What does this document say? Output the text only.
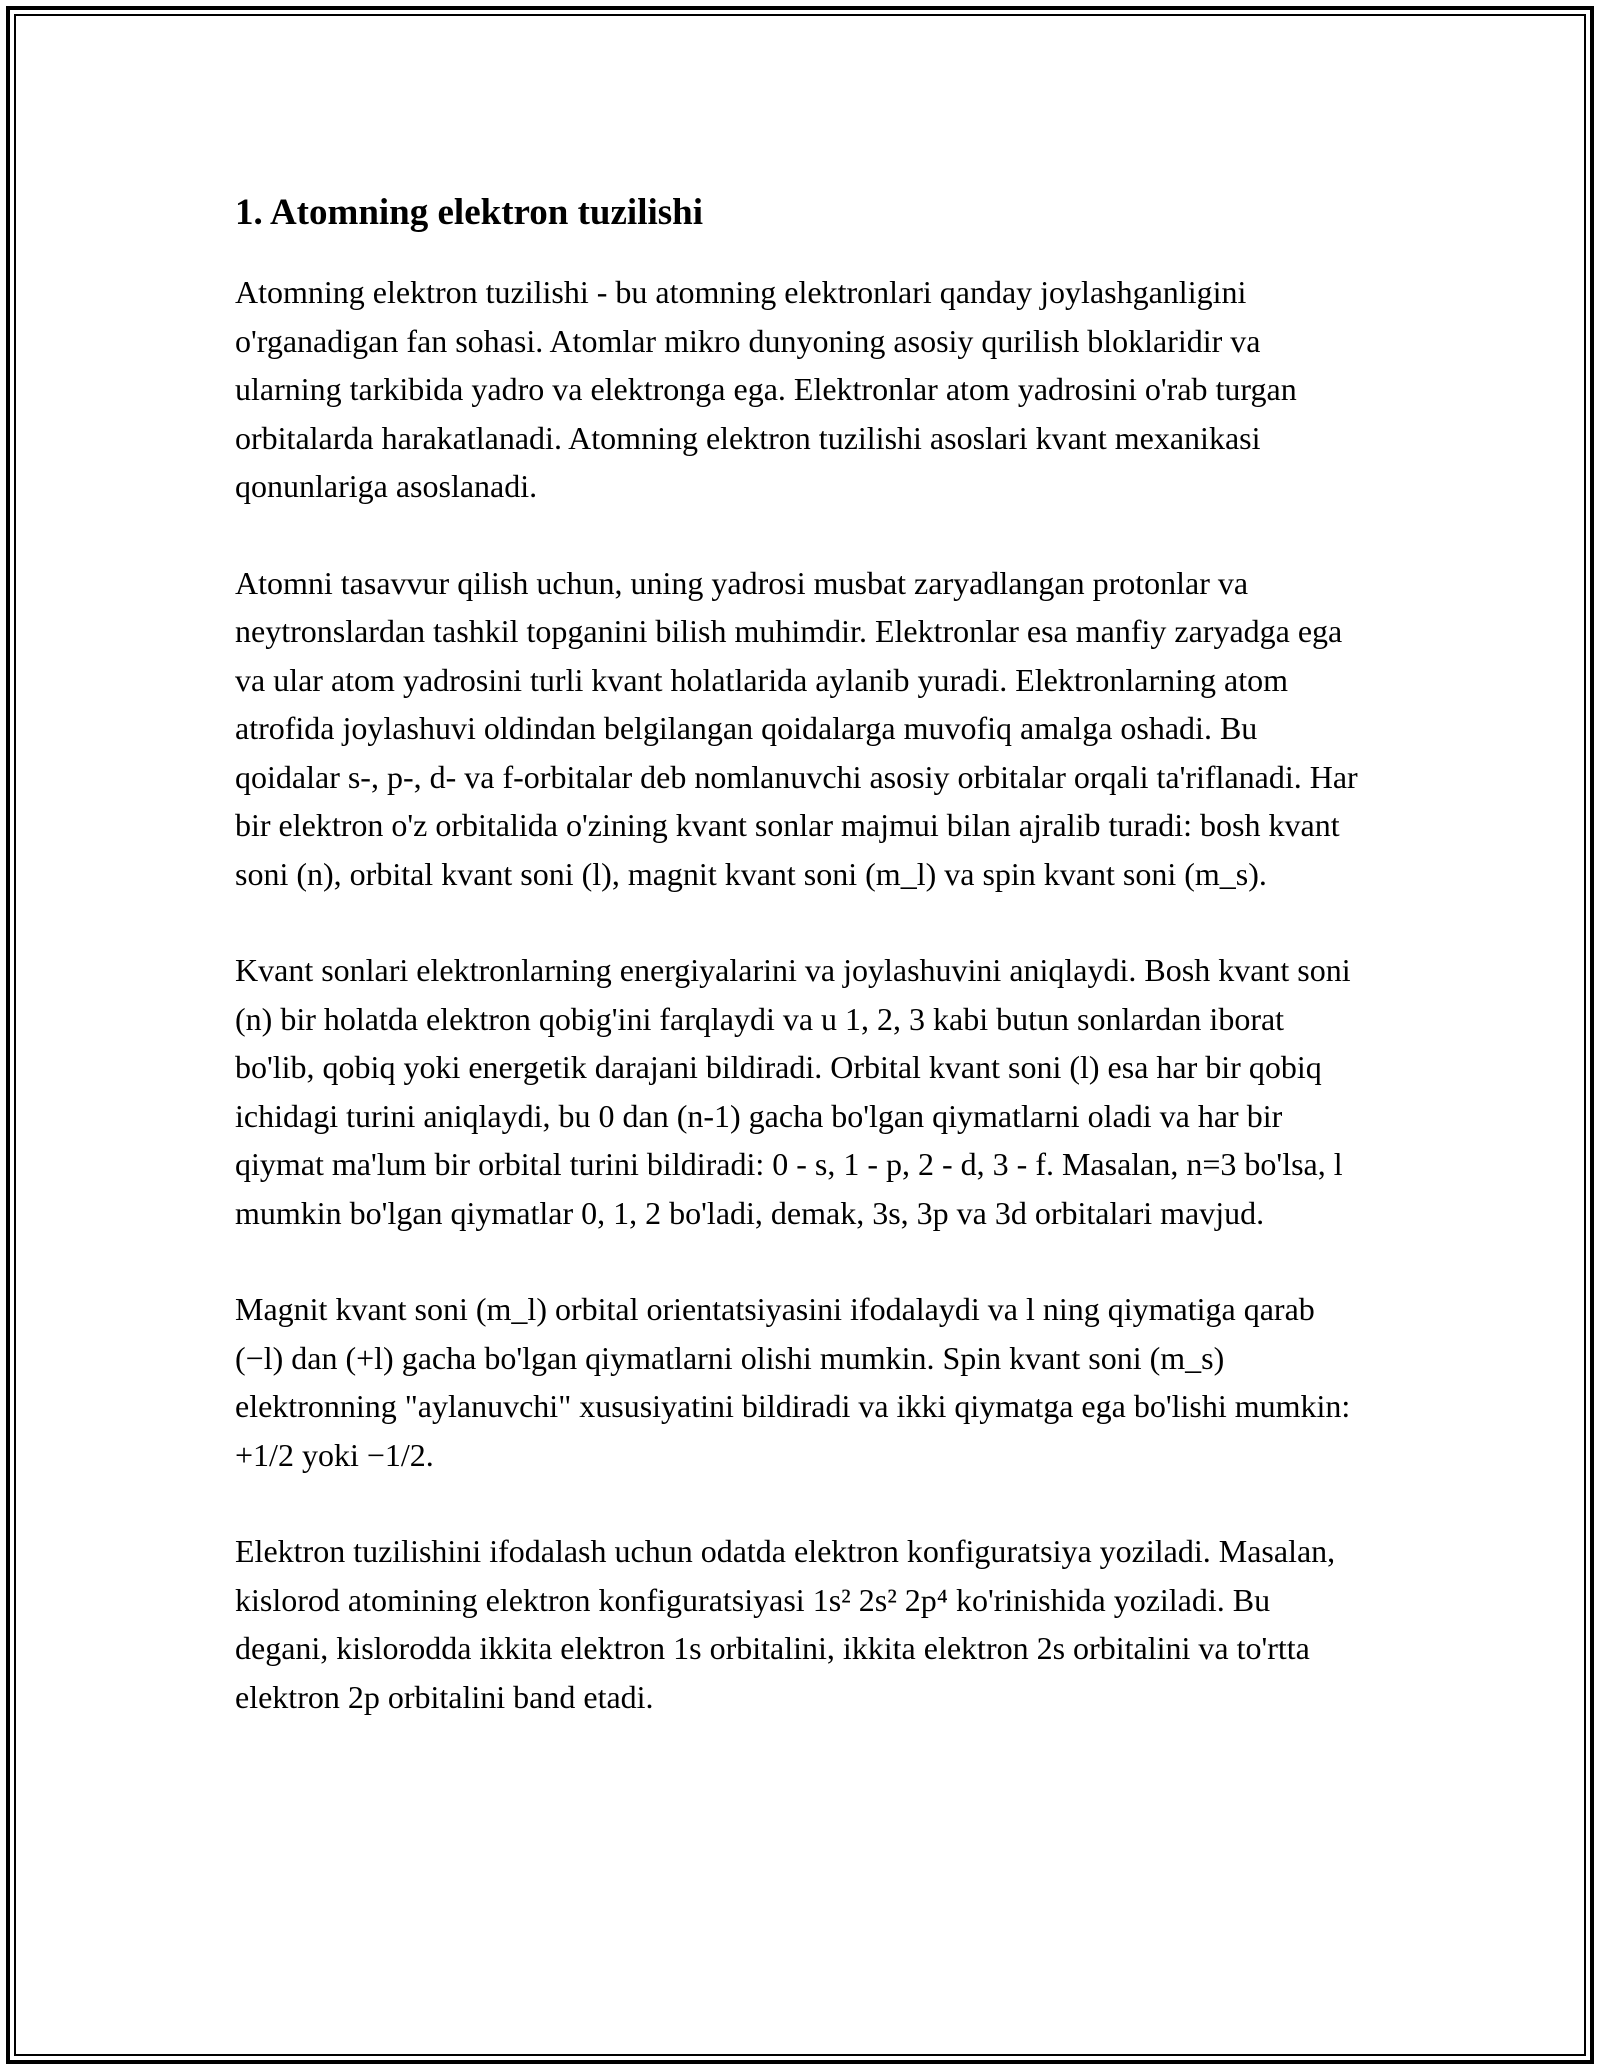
1. Atomning elektron tuzilishi

Atomning elektron tuzilishi - bu atomning elektronlari qanday joylashganligini o'rganadigan fan sohasi. Atomlar mikro dunyoning asosiy qurilish bloklaridir va ularning tarkibida yadro va elektronga ega. Elektronlar atom yadrosini o'rab turgan orbitalarda harakatlanadi. Atomning elektron tuzilishi asoslari kvant mexanikasi qonunlariga asoslanadi.

Atomni tasavvur qilish uchun, uning yadrosi musbat zaryadlangan protonlar va neytronslardan tashkil topganini bilish muhimdir. Elektronlar esa manfiy zaryadga ega va ular atom yadrosini turli kvant holatlarida aylanib yuradi. Elektronlarning atom atrofida joylashuvi oldindan belgilangan qoidalarga muvofiq amalga oshadi. Bu qoidalar s-, p-, d- va f-orbitalar deb nomlanuvchi asosiy orbitalar orqali ta'riflanadi. Har bir elektron o'z orbitalida o'zining kvant sonlar majmui bilan ajralib turadi: bosh kvant soni (n), orbital kvant soni (l), magnit kvant soni (m_l) va spin kvant soni (m_s).

Kvant sonlari elektronlarning energiyalarini va joylashuvini aniqlaydi. Bosh kvant soni (n) bir holatda elektron qobig'ini farqlaydi va u 1, 2, 3 kabi butun sonlardan iborat bo'lib, qobiq yoki energetik darajani bildiradi. Orbital kvant soni (l) esa har bir qobiq ichidagi turini aniqlaydi, bu 0 dan (n-1) gacha bo'lgan qiymatlarni oladi va har bir qiymat ma'lum bir orbital turini bildiradi: 0 - s, 1 - p, 2 - d, 3 - f. Masalan, n=3 bo'lsa, l mumkin bo'lgan qiymatlar 0, 1, 2 bo'ladi, demak, 3s, 3p va 3d orbitalari mavjud.

Magnit kvant soni (m_l) orbital orientatsiyasini ifodalaydi va l ning qiymatiga qarab (−l) dan (+l) gacha bo'lgan qiymatlarni olishi mumkin. Spin kvant soni (m_s) elektronning "aylanuvchi" xususiyatini bildiradi va ikki qiymatga ega bo'lishi mumkin: +1/2 yoki −1/2.

Elektron tuzilishini ifodalash uchun odatda elektron konfiguratsiya yoziladi. Masalan, kislorod atomining elektron konfiguratsiyasi 1s² 2s² 2p⁴ ko'rinishida yoziladi. Bu degani, kislorodda ikkita elektron 1s orbitalini, ikkita elektron 2s orbitalini va to'rtta elektron 2p orbitalini band etadi.
